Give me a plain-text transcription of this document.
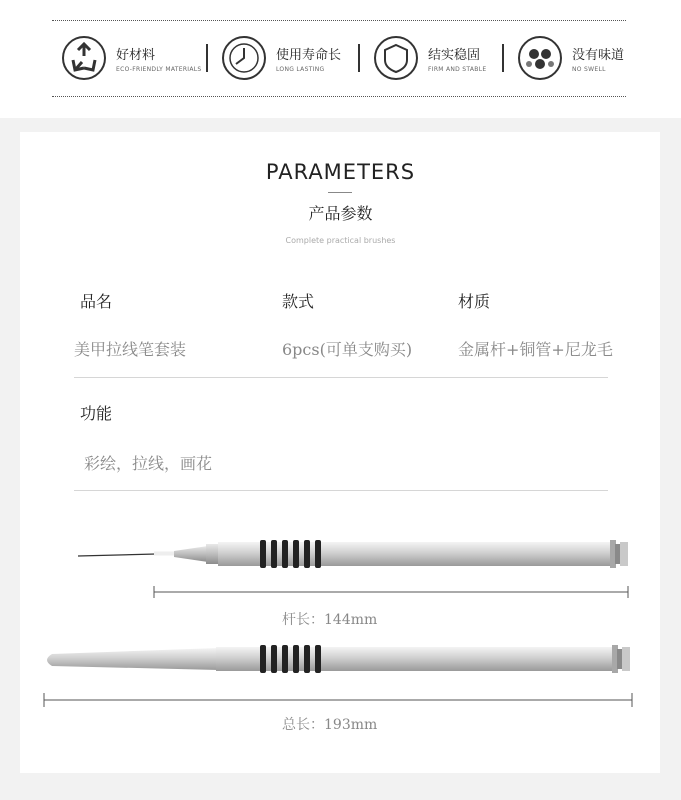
好材料
ECO-FRIENDLY MATERIALS
使用寿命长
LONG LASTING
结实稳固
FIRM AND STABLE
没有味道
NO SWELL
PARAMETERS
产品参数
Complete practical brushes
品名	款式	材质
美甲拉线笔套装	6pcs(可单支购买)	金属杆+铜管+尼龙毛
功能
彩绘，拉线，画花
杆长：144mm
总长：193mm
